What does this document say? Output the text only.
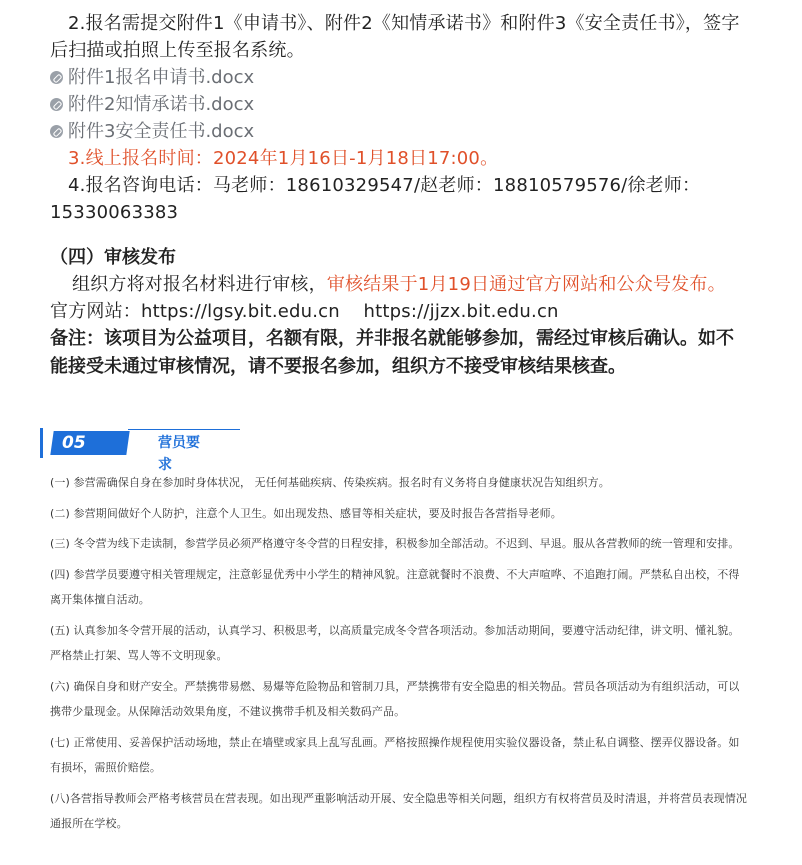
2.报名需提交附件1《申请书》、附件2《知情承诺书》和附件3《安全责任书》，签字后扫描或拍照上传至报名系统。

附件1报名申请书.docx

附件2知情承诺书.docx

附件3安全责任书.docx

3.线上报名时间：2024年1月16日-1月18日17:00。

4.报名咨询电话：马老师：18610329547/赵老师：18810579576/徐老师：15330063383

（四）审核发布

组织方将对报名材料进行审核，审核结果于1月19日通过官方网站和公众号发布。

官方网站：https://lgsy.bit.edu.cn    https://jjzx.bit.edu.cn

备注：该项目为公益项目，名额有限，并非报名就能够参加，需经过审核后确认。如不能接受未通过审核情况，请不要报名参加，组织方不接受审核结果核查。

05	营员要求

(一) 参营需确保自身在参加时身体状况， 无任何基础疾病、传染疾病。报名时有义务将自身健康状况告知组织方。

(二) 参营期间做好个人防护，注意个人卫生。如出现发热、感冒等相关症状，要及时报告各营指导老师。

(三) 冬令营为线下走读制，参营学员必须严格遵守冬令营的日程安排，积极参加全部活动。不迟到、早退。服从各营教师的统一管理和安排。

(四) 参营学员要遵守相关管理规定，注意彰显优秀中小学生的精神风貌。注意就餐时不浪费、不大声喧哗、不追跑打闹。严禁私自出校，不得离开集体擅自活动。

(五) 认真参加冬令营开展的活动，认真学习、积极思考，以高质量完成冬令营各项活动。参加活动期间，要遵守活动纪律，讲文明、懂礼貌。严格禁止打架、骂人等不文明现象。

(六) 确保自身和财产安全。严禁携带易燃、易爆等危险物品和管制刀具，严禁携带有安全隐患的相关物品。营员各项活动为有组织活动，可以携带少量现金。从保障活动效果角度，不建议携带手机及相关数码产品。

(七) 正常使用、妥善保护活动场地，禁止在墙壁或家具上乱写乱画。严格按照操作规程使用实验仪器设备，禁止私自调整、摆弄仪器设备。如有损坏，需照价赔偿。

(八)各营指导教师会严格考核营员在营表现。如出现严重影响活动开展、安全隐患等相关问题，组织方有权将营员及时清退，并将营员表现情况通报所在学校。
